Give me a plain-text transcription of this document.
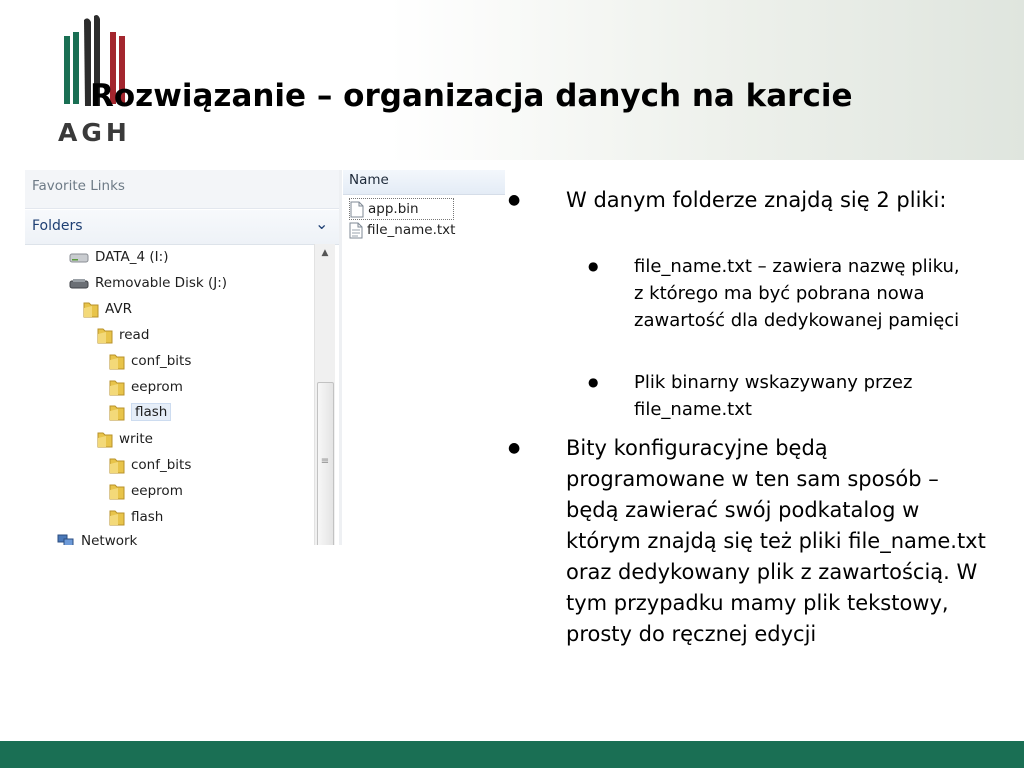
AGH
Rozwiązanie – organizacja danych na karcie
Favorite Links
Folders	⌄
DATA_4 (I:)
Removable Disk (J:)
AVR
read
conf_bits
eeprom
flash
write
conf_bits
eeprom
flash
Network
▲
≡
Name
app.bin
file_name.txt
● W danym folderze znajdą się 2 pliki:
● file_name.txt – zawiera nazwę pliku, z którego ma być pobrana nowa zawartość dla dedykowanej pamięci
● Plik binarny wskazywany przez file_name.txt
● Bity konfiguracyjne będą programowane w ten sam sposób – będą zawierać swój podkatalog w którym znajdą się też pliki file_name.txt oraz dedykowany plik z zawartością. W tym przypadku mamy plik tekstowy, prosty do ręcznej edycji
